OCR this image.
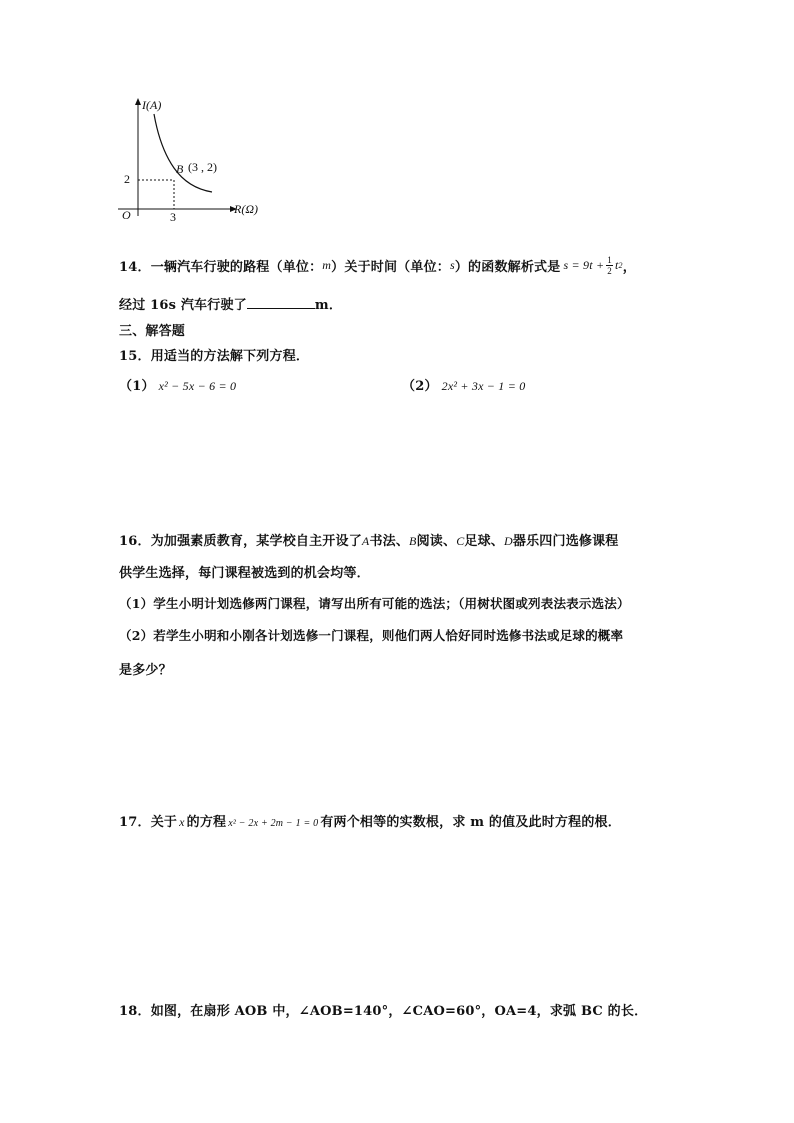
I(A)
B (3 , 2)
2
O	3
R(Ω)
14．一辆汽车行驶的路程（单位： m ）关于时间（单位： s ）的函数解析式是 $s = 9t + \frac{1}{2}$ t 2 ，
经过 16s 汽车行驶了	m．
三、解答题
15．用适当的方法解下列方程．
（1） x² − 5x − 6 = 0	（2） 2x² + 3x − 1 = 0
16．为加强素质教育，某学校自主开设了A书法、B阅读、C足球、D器乐四门选修课程
供学生选择，每门课程被选到的机会均等．
（1）学生小明计划选修两门课程，请写出所有可能的选法；（用树状图或列表法表示选法）
（2）若学生小明和小刚各计划选修一门课程，则他们两人恰好同时选修书法或足球的概率
是多少？
17．关于 x 的方程 x² − 2x + 2m − 1 = 0 有两个相等的实数根，求 m 的值及此时方程的根．
18．如图，在扇形 AOB 中，∠AOB=140°，∠CAO=60°，OA=4，求弧 BC 的长．
